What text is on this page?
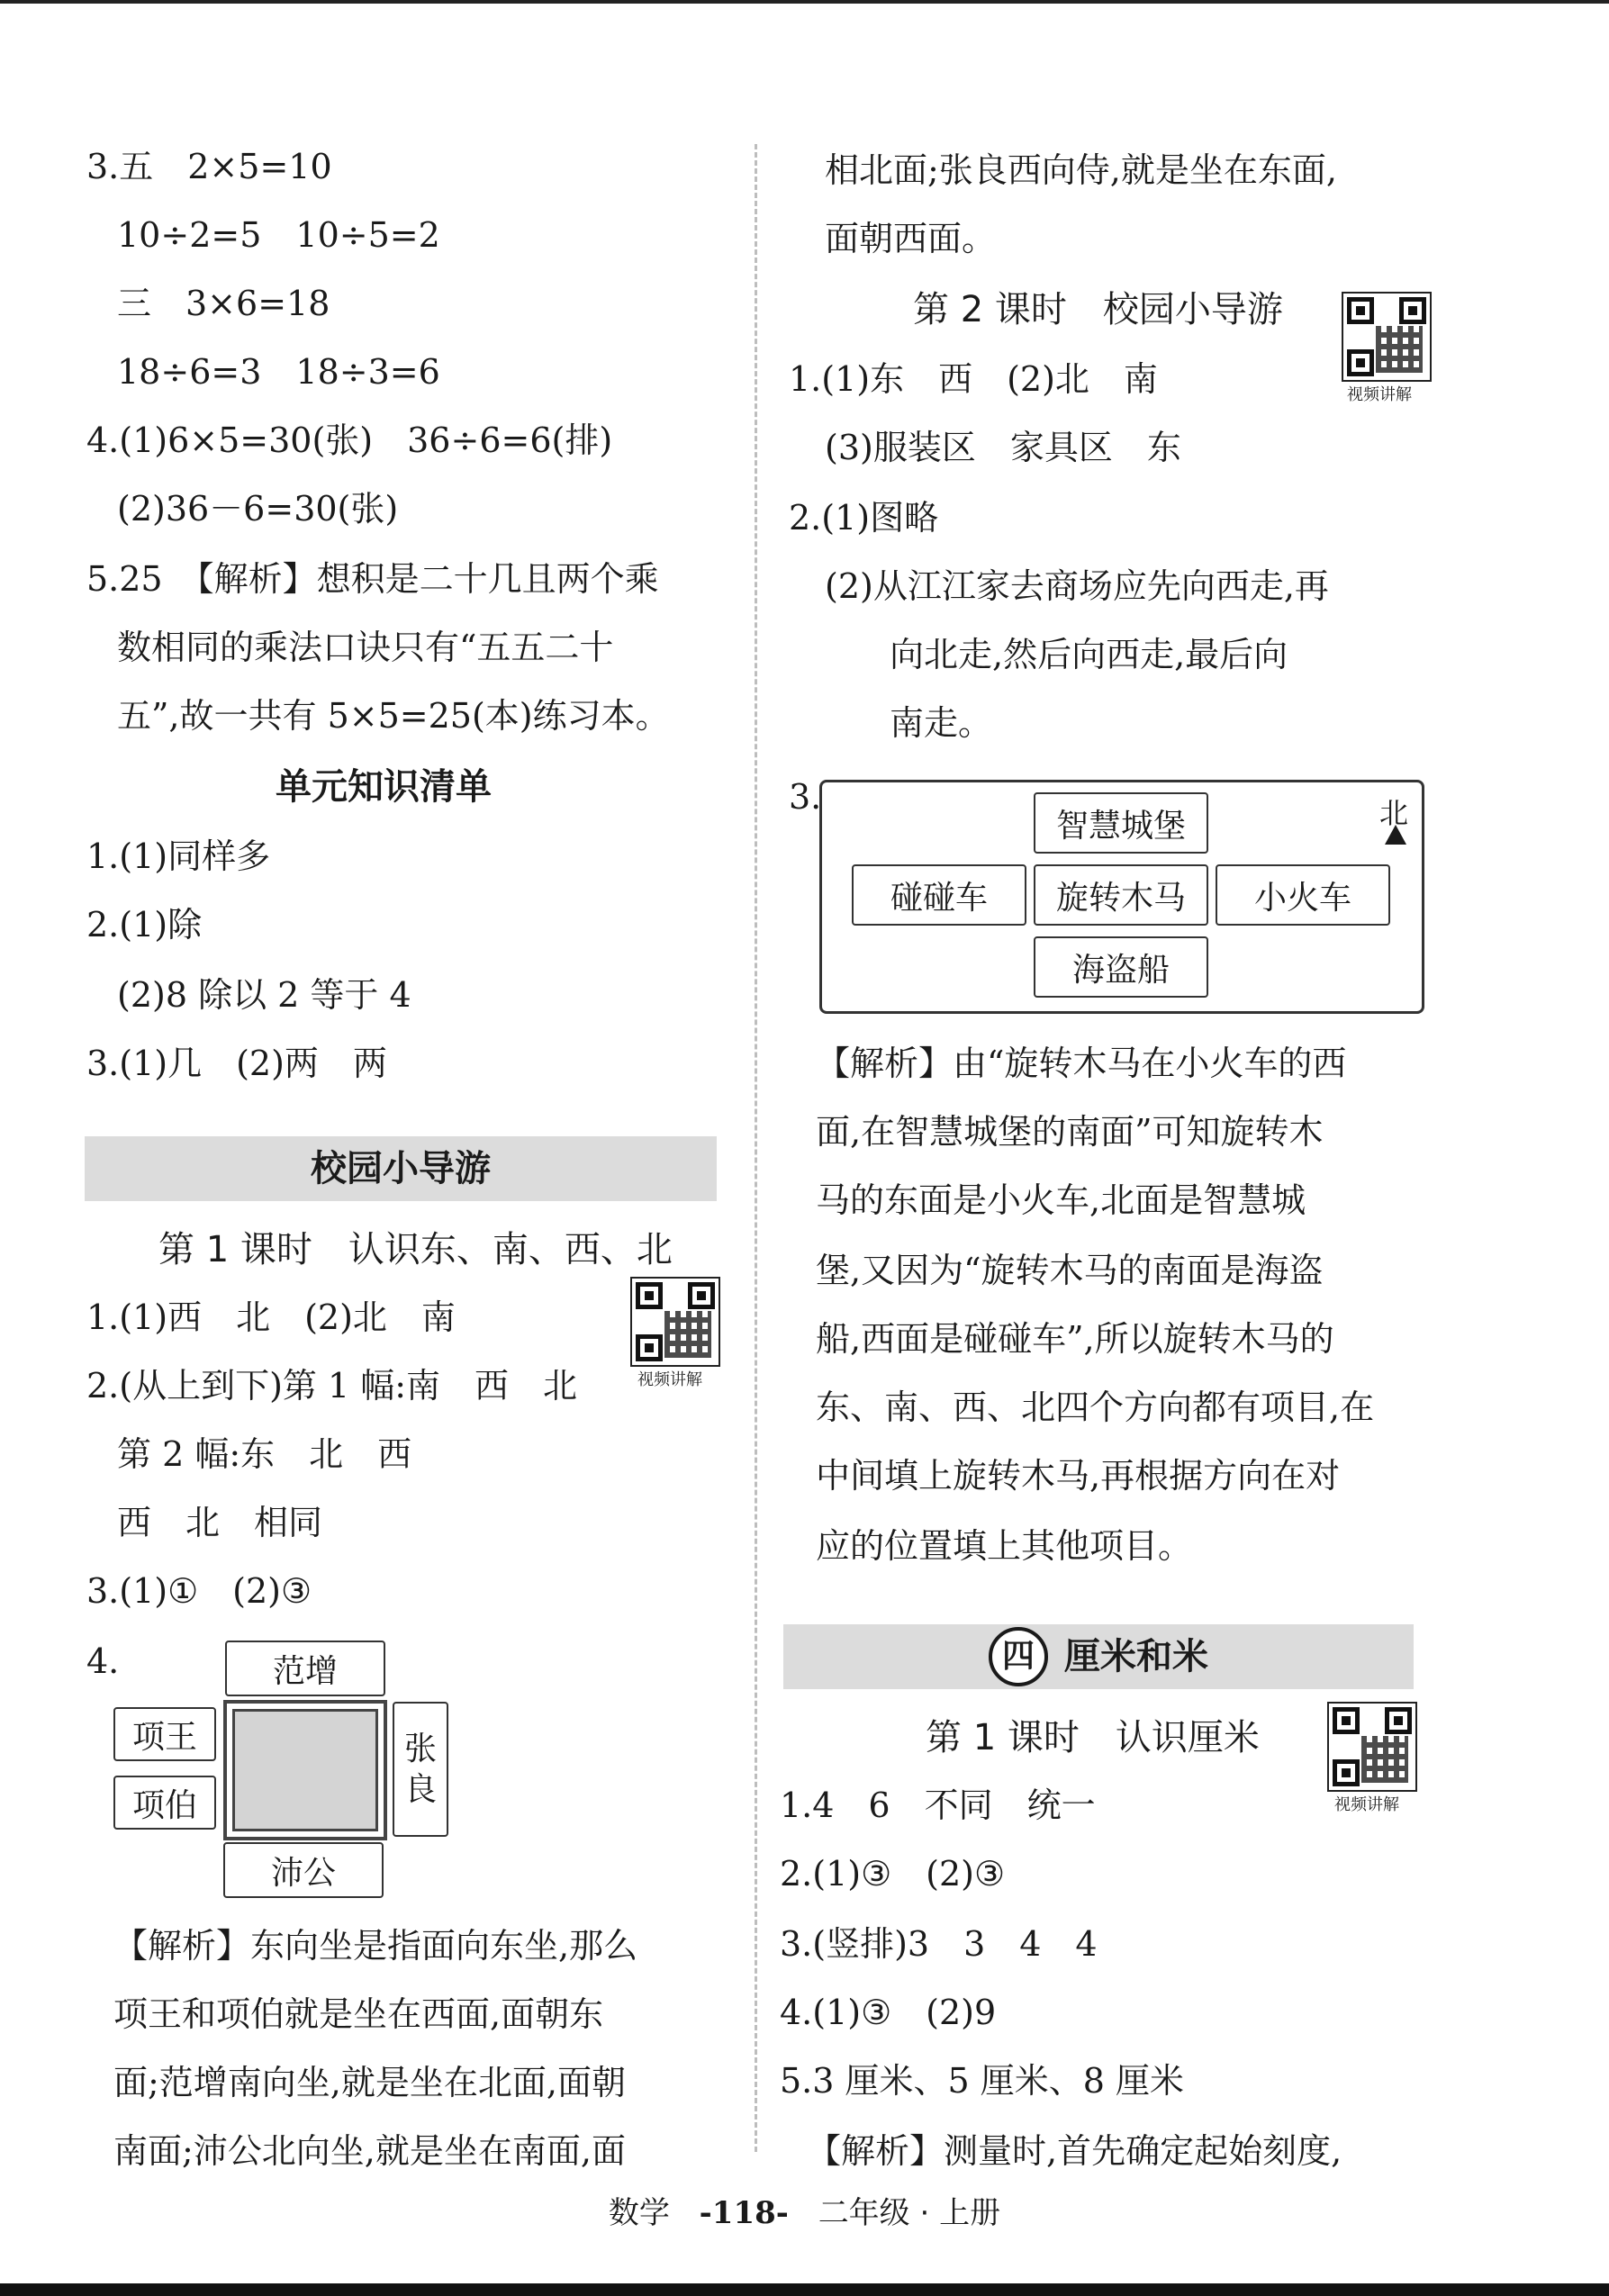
3.五　2×5=10
10÷2=5　10÷5=2
三　3×6=18
18÷6=3　18÷3=6
4.(1)6×5=30(张)　36÷6=6(排)
(2)36－6=30(张)
5.25　【解析】想积是二十几且两个乘
数相同的乘法口诀只有“五五二十
五”,故一共有 5×5=25(本)练习本。
单元知识清单
1.(1)同样多
2.(1)除
(2)8 除以 2 等于 4
3.(1)几　(2)两　两
校园小导游
第 1 课时　认识东、南、西、北
视频讲解
1.(1)西　北　(2)北　南
2.(从上到下)第 1 幅:南　西　北
第 2 幅:东　北　西
西　北　相同
3.(1)①　(2)③
4.	范增
项王
项伯
张
良
沛公
【解析】东向坐是指面向东坐,那么
项王和项伯就是坐在西面,面朝东
面;范增南向坐,就是坐在北面,面朝
南面;沛公北向坐,就是坐在南面,面
相北面;张良西向侍,就是坐在东面,
面朝西面。
第 2 课时　校园小导游
视频讲解
1.(1)东　西　(2)北　南
(3)服装区　家具区　东
2.(1)图略
(2)从江江家去商场应先向西走,再
向北走,然后向西走,最后向
南走。
3.
智慧城堡
碰碰车	旋转木马	小火车
海盗船
北
【解析】由“旋转木马在小火车的西
面,在智慧城堡的南面”可知旋转木
马的东面是小火车,北面是智慧城
堡,又因为“旋转木马的南面是海盗
船,西面是碰碰车”,所以旋转木马的
东、南、西、北四个方向都有项目,在
中间填上旋转木马,再根据方向在对
应的位置填上其他项目。
四 厘米和米
第 1 课时　认识厘米
视频讲解
1.4　6　不同　统一
2.(1)③　(2)③
3.(竖排)3　3　4　4
4.(1)③　(2)9
5.3 厘米、5 厘米、8 厘米
【解析】测量时,首先确定起始刻度,
数学 -118- 二年级 · 上册
